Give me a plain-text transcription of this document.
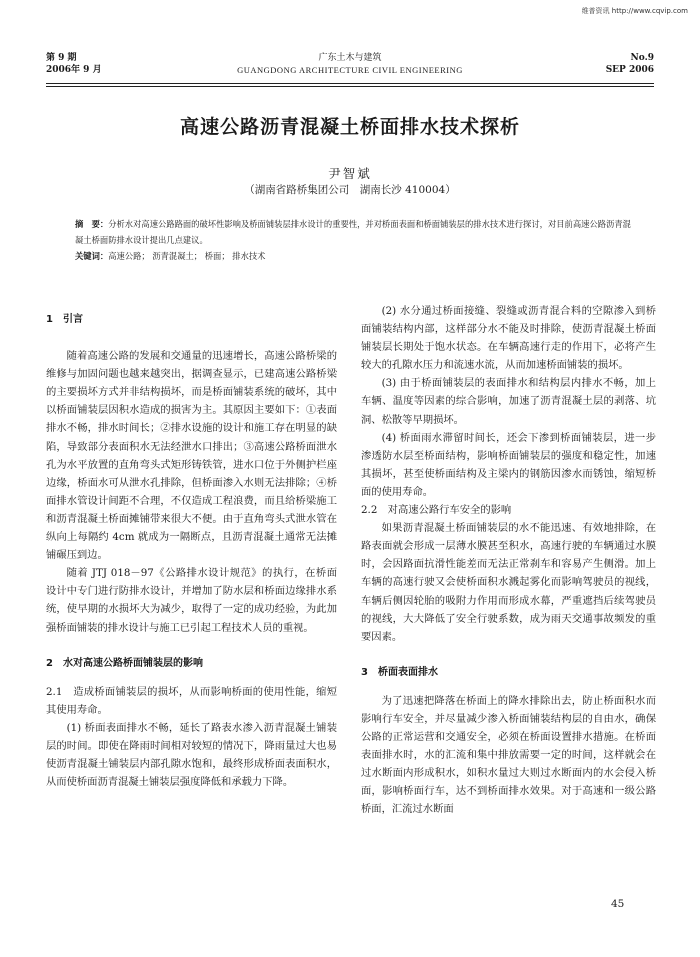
维普资讯 http://www.cqvip.com
第 9 期
2006年 9 月
广东土木与建筑
GUANGDONG ARCHITECTURE CIVIL ENGINEERING
No.9
SEP 2006
高速公路沥青混凝土桥面排水技术探析
尹智斌
（湖南省路桥集团公司　湖南长沙 410004）
摘　要：分析水对高速公路路面的破坏性影响及桥面铺装层排水设计的重要性，并对桥面表面和桥面铺装层的排水技术进行探讨，对目前高速公路沥青混凝土桥面防排水设计提出几点建议。
关键词：高速公路； 沥青混凝土； 桥面； 排水技术
1　引言

随着高速公路的发展和交通量的迅速增长，高速公路桥梁的维修与加固问题也越来越突出，据调查显示，已建高速公路桥梁的主要损坏方式并非结构损坏，而是桥面铺装系统的破坏，其中以桥面铺装层因积水造成的损害为主。其原因主要如下：①表面排水不畅，排水时间长；②排水设施的设计和施工存在明显的缺陷，导致部分表面积水无法经泄水口排出；③高速公路桥面泄水孔为水平放置的直角弯头式矩形铸铁管，进水口位于外侧护栏座边缘，桥面水可从泄水孔排除，但桥面渗入水则无法排除；④桥面排水管设计间距不合理，不仅造成工程浪费，而且给桥梁施工和沥青混凝土桥面摊铺带来很大不便。由于直角弯头式泄水管在纵向上每隔约 4cm 就成为一隔断点，且沥青混凝土通常无法摊铺碾压到边。

随着 JTJ 018－97《公路排水设计规范》的执行，在桥面设计中专门进行防排水设计，并增加了防水层和桥面边缘排水系统，使早期的水损坏大为减少，取得了一定的成功经验，为此加强桥面铺装的排水设计与施工已引起工程技术人员的重视。

2　水对高速公路桥面铺装层的影响
2.1　造成桥面铺装层的损坏，从而影响桥面的使用性能，缩短其使用寿命。

(1) 桥面表面排水不畅，延长了路表水渗入沥青混凝土铺装层的时间。即使在降雨时间相对较短的情况下，降雨量过大也易使沥青混凝土铺装层内部孔隙水饱和，最终形成桥面表面积水，从而使桥面沥青混凝土铺装层强度降低和承载力下降。

(2) 水分通过桥面接缝、裂缝或沥青混合料的空隙渗入到桥面铺装结构内部，这样部分水不能及时排除，使沥青混凝土桥面铺装层长期处于饱水状态。在车辆高速行走的作用下，必将产生较大的孔隙水压力和流速水流，从而加速桥面铺装的损坏。

(3) 由于桥面铺装层的表面排水和结构层内排水不畅，加上车辆、温度等因素的综合影响，加速了沥青混凝土层的剥落、坑洞、松散等早期损坏。

(4) 桥面雨水滞留时间长，还会下渗到桥面铺装层，进一步渗透防水层至桥面结构，影响桥面铺装层的强度和稳定性，加速其损坏，甚至使桥面结构及主梁内的钢筋因渗水而锈蚀，缩短桥面的使用寿命。

2.2　对高速公路行车安全的影响

如果沥青混凝土桥面铺装层的水不能迅速、有效地排除，在路表面就会形成一层薄水膜甚至积水，高速行驶的车辆通过水膜时，会因路面抗滑性能差而无法正常刹车和容易产生侧滑。加上车辆的高速行驶又会使桥面积水溅起雾化而影响驾驶员的视线，车辆后侧因轮胎的吸附力作用而形成水幕，严重遮挡后续驾驶员的视线，大大降低了安全行驶系数，成为雨天交通事故频发的重要因素。

3　桥面表面排水

为了迅速把降落在桥面上的降水排除出去，防止桥面积水而影响行车安全，并尽量减少渗入桥面铺装结构层的自由水，确保公路的正常运营和交通安全，必须在桥面设置排水措施。在桥面表面排水时，水的汇流和集中排放需要一定的时间，这样就会在过水断面内形成积水，如积水量过大则过水断面内的水会侵入桥面，影响桥面行车，达不到桥面排水效果。对于高速和一级公路桥面，汇流过水断面

45
